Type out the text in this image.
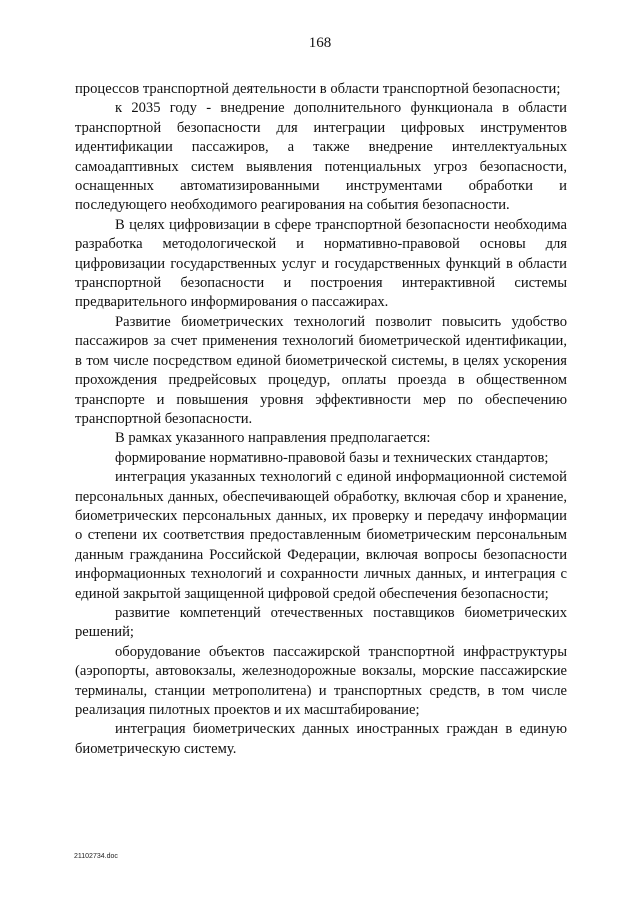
168

процессов транспортной деятельности в области транспортной безопасности;

к 2035 году - внедрение дополнительного функционала в области транспортной безопасности для интеграции цифровых инструментов идентификации пассажиров, а также внедрение интеллектуальных самоадаптивных систем выявления потенциальных угроз безопасности, оснащенных автоматизированными инструментами обработки и последующего необходимого реагирования на события безопасности.

В целях цифровизации в сфере транспортной безопасности необходима разработка методологической и нормативно-правовой основы для цифровизации государственных услуг и государственных функций в области транспортной безопасности и построения интерактивной системы предварительного информирования о пассажирах.

Развитие биометрических технологий позволит повысить удобство пассажиров за счет применения технологий биометрической идентификации, в том числе посредством единой биометрической системы, в целях ускорения прохождения предрейсовых процедур, оплаты проезда в общественном транспорте и повышения уровня эффективности мер по обеспечению транспортной безопасности.

В рамках указанного направления предполагается:

формирование нормативно-правовой базы и технических стандартов;

интеграция указанных технологий с единой информационной системой персональных данных, обеспечивающей обработку, включая сбор и хранение, биометрических персональных данных, их проверку и передачу информации о степени их соответствия предоставленным биометрическим персональным данным гражданина Российской Федерации, включая вопросы безопасности информационных технологий и сохранности личных данных, и интеграция с единой закрытой защищенной цифровой средой обеспечения безопасности;

развитие компетенций отечественных поставщиков биометрических решений;

оборудование объектов пассажирской транспортной инфраструктуры (аэропорты, автовокзалы, железнодорожные вокзалы, морские пассажирские терминалы, станции метрополитена) и транспортных средств, в том числе реализация пилотных проектов и их масштабирование;

интеграция биометрических данных иностранных граждан в единую биометрическую систему.

21102734.doc
